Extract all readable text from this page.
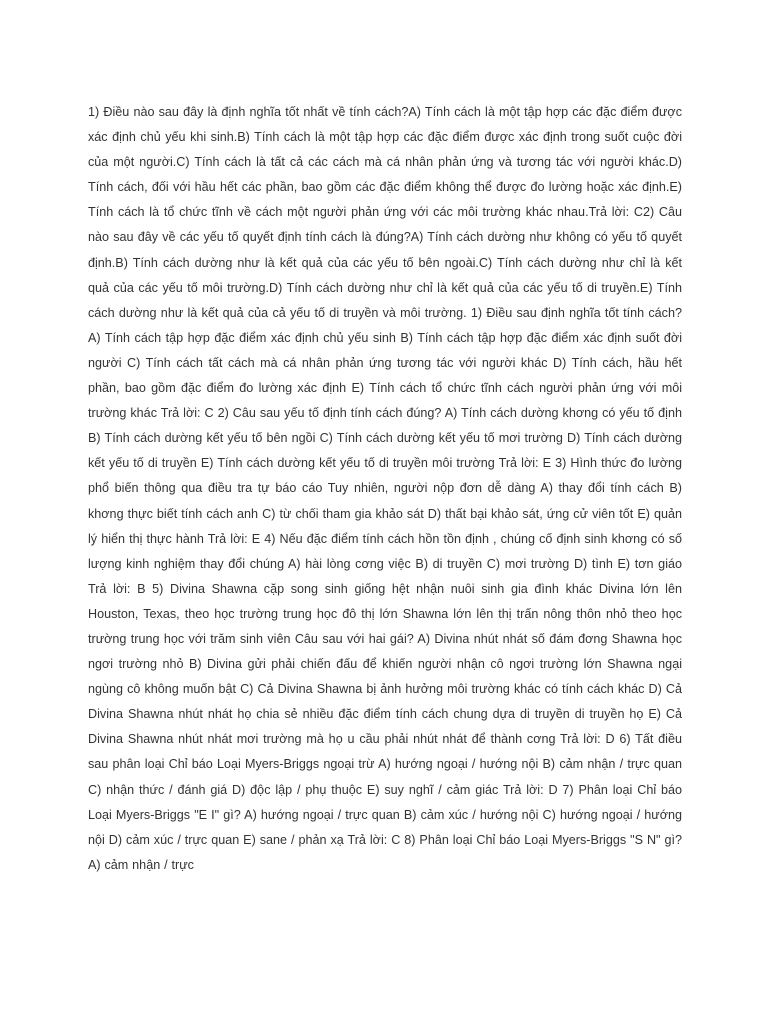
1) Điều nào sau đây là định nghĩa tốt nhất về tính cách?A) Tính cách là một tập hợp các đặc điểm được xác định chủ yếu khi sinh.B) Tính cách là một tập hợp các đặc điểm được xác định trong suốt cuộc đời của một người.C) Tính cách là tất cả các cách mà cá nhân phản ứng và tương tác với người khác.D) Tính cách, đối với hầu hết các phần, bao gồm các đặc điểm không thể được đo lường hoặc xác định.E) Tính cách là tổ chức tĩnh về cách một người phản ứng với các môi trường khác nhau.Trả lời: C2) Câu nào sau đây về các yếu tố quyết định tính cách là đúng?A) Tính cách dường như không có yếu tố quyết định.B) Tính cách dường như là kết quả của các yếu tố bên ngoài.C) Tính cách dường như chỉ là kết quả của các yếu tố môi trường.D) Tính cách dường như chỉ là kết quả của các yếu tố di truyền.E) Tính cách dường như là kết quả của cả yếu tố di truyền và môi trường. 1) Điều sau định nghĩa tốt tính cách? A) Tính cách tập hợp đặc điểm xác định chủ yếu sinh B) Tính cách tập hợp đặc điểm xác định suốt đời người C) Tính cách tất cách mà cá nhân phản ứng tương tác với người khác D) Tính cách, hầu hết phần, bao gồm đặc điểm đo lường xác định E) Tính cách tổ chức tĩnh cách người phản ứng với môi trường khác Trả lời: C 2) Câu sau yếu tố định tính cách đúng? A) Tính cách dường khơng có yếu tố định B) Tính cách dường kết yếu tố bên ngồi C) Tính cách dường kết yếu tố mơi trường D) Tính cách dường kết yếu tố di truyền E) Tính cách dường kết yếu tố di truyền môi trường Trả lời: E 3) Hình thức đo lường phổ biến thông qua điều tra tự báo cáo Tuy nhiên, người nộp đơn dễ dàng A) thay đổi tính cách B) khơng thực biết tính cách anh C) từ chối tham gia khảo sát D) thất bại khảo sát, ứng cử viên tốt E) quản lý hiển thị thực hành Trả lời: E 4) Nếu đặc điểm tính cách hồn tồn định , chúng cố định sinh khơng có số lượng kinh nghiệm thay đổi chúng A) hài lòng cơng việc B) di truyền C) mơi trường D) tình E) tơn giáo Trả lời: B 5) Divina Shawna cặp song sinh giống hệt nhận nuôi sinh gia đình khác Divina lớn lên Houston, Texas, theo học trường trung học đô thị lớn Shawna lớn lên thị trấn nông thôn nhỏ theo học trường trung học với trăm sinh viên Câu sau với hai gái? A) Divina nhút nhát số đám đơng Shawna học ngơi trường nhỏ B) Divina gửi phải chiến đấu để khiến người nhận cô ngơi trường lớn Shawna ngại ngùng cô không muốn bật C) Cả Divina Shawna bị ảnh hưởng môi trường khác có tính cách khác D) Cả Divina Shawna nhút nhát họ chia sẻ nhiều đặc điểm tính cách chung dựa di truyền di truyền họ E) Cả Divina Shawna nhút nhát mơi trường mà họ u cầu phải nhút nhát để thành cơng Trả lời: D 6) Tất điều sau phân loại Chỉ báo Loại Myers-Briggs ngoại trừ A) hướng ngoại / hướng nội B) cảm nhận / trực quan C) nhận thức / đánh giá D) độc lập / phụ thuộc E) suy nghĩ / cảm giác Trả lời: D 7) Phân loại Chỉ báo Loại Myers-Briggs "E I" gì? A) hướng ngoại / trực quan B) cảm xúc / hướng nội C) hướng ngoại / hướng nội D) cảm xúc / trực quan E) sane / phản xạ Trả lời: C 8) Phân loại Chỉ báo Loại Myers-Briggs "S N" gì? A) cảm nhận / trực
